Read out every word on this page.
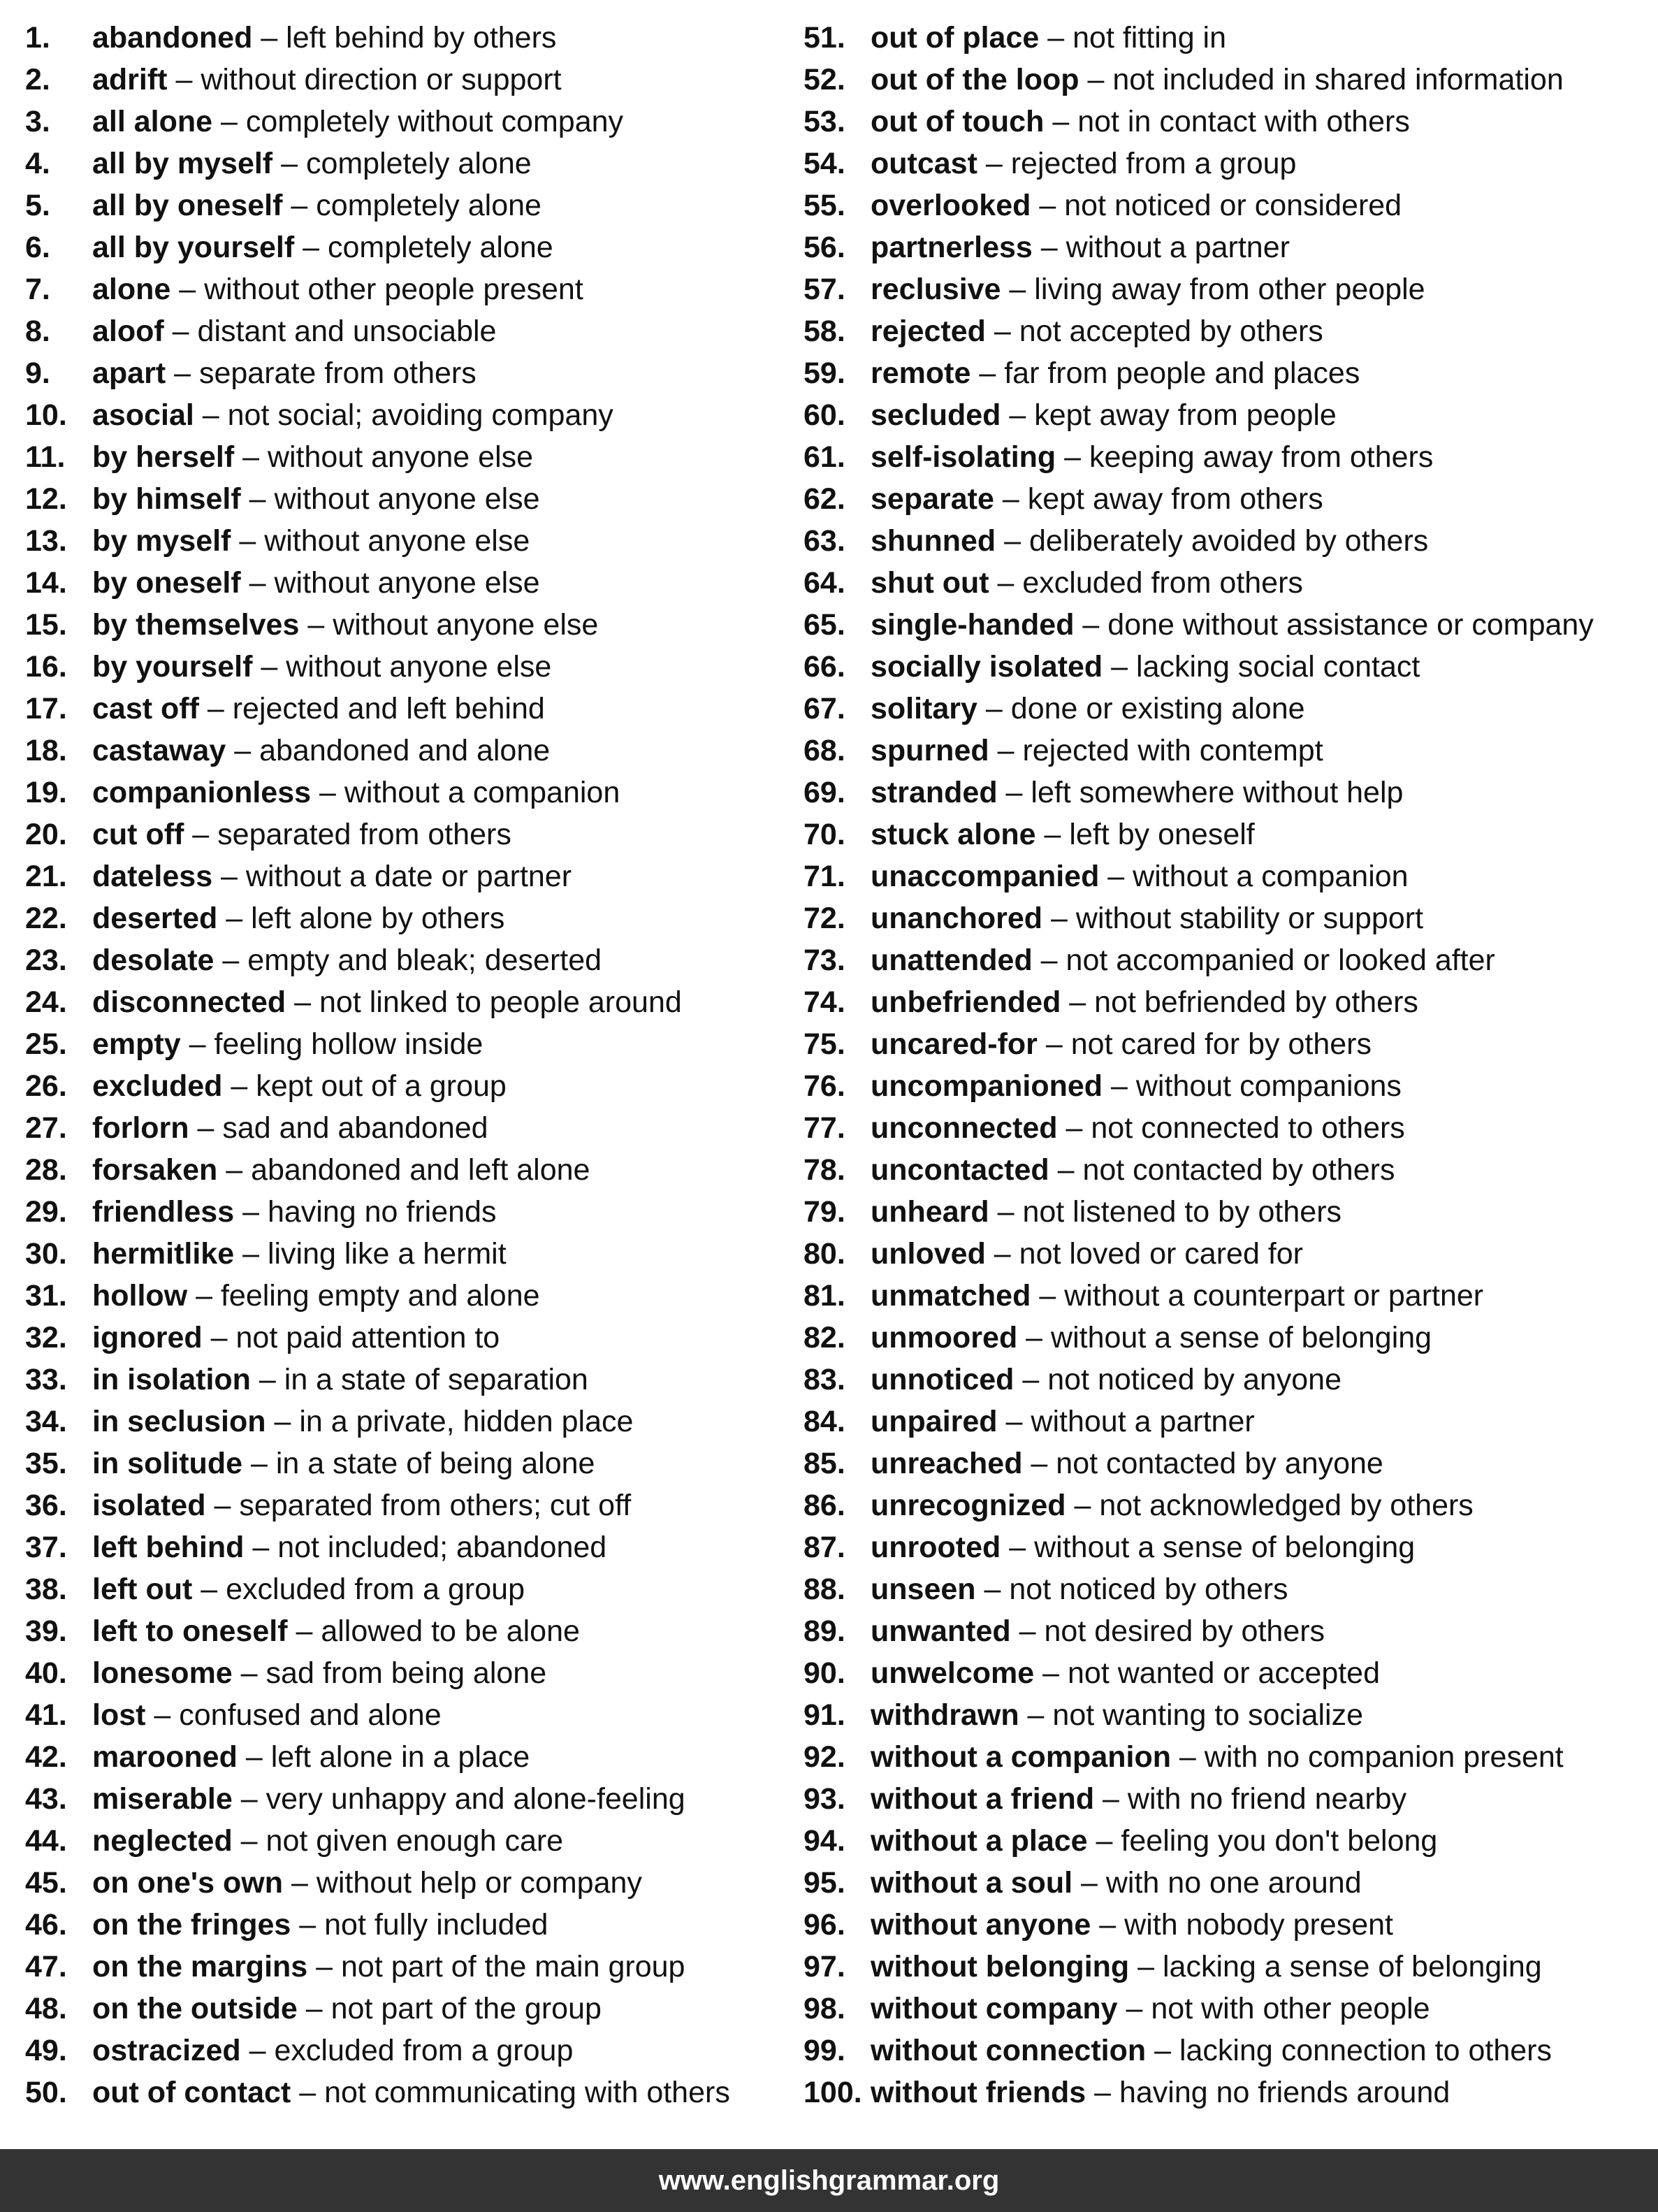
1. abandoned – left behind by others
2. adrift – without direction or support
3. all alone – completely without company
4. all by myself – completely alone
5. all by oneself – completely alone
6. all by yourself – completely alone
7. alone – without other people present
8. aloof – distant and unsociable
9. apart – separate from others
10. asocial – not social; avoiding company
11. by herself – without anyone else
12. by himself – without anyone else
13. by myself – without anyone else
14. by oneself – without anyone else
15. by themselves – without anyone else
16. by yourself – without anyone else
17. cast off – rejected and left behind
18. castaway – abandoned and alone
19. companionless – without a companion
20. cut off – separated from others
21. dateless – without a date or partner
22. deserted – left alone by others
23. desolate – empty and bleak; deserted
24. disconnected – not linked to people around
25. empty – feeling hollow inside
26. excluded – kept out of a group
27. forlorn – sad and abandoned
28. forsaken – abandoned and left alone
29. friendless – having no friends
30. hermitlike – living like a hermit
31. hollow – feeling empty and alone
32. ignored – not paid attention to
33. in isolation – in a state of separation
34. in seclusion – in a private, hidden place
35. in solitude – in a state of being alone
36. isolated – separated from others; cut off
37. left behind – not included; abandoned
38. left out – excluded from a group
39. left to oneself – allowed to be alone
40. lonesome – sad from being alone
41. lost – confused and alone
42. marooned – left alone in a place
43. miserable – very unhappy and alone-feeling
44. neglected – not given enough care
45. on one's own – without help or company
46. on the fringes – not fully included
47. on the margins – not part of the main group
48. on the outside – not part of the group
49. ostracized – excluded from a group
50. out of contact – not communicating with others
51. out of place – not fitting in
52. out of the loop – not included in shared information
53. out of touch – not in contact with others
54. outcast – rejected from a group
55. overlooked – not noticed or considered
56. partnerless – without a partner
57. reclusive – living away from other people
58. rejected – not accepted by others
59. remote – far from people and places
60. secluded – kept away from people
61. self-isolating – keeping away from others
62. separate – kept away from others
63. shunned – deliberately avoided by others
64. shut out – excluded from others
65. single-handed – done without assistance or company
66. socially isolated – lacking social contact
67. solitary – done or existing alone
68. spurned – rejected with contempt
69. stranded – left somewhere without help
70. stuck alone – left by oneself
71. unaccompanied – without a companion
72. unanchored – without stability or support
73. unattended – not accompanied or looked after
74. unbefriended – not befriended by others
75. uncared-for – not cared for by others
76. uncompanioned – without companions
77. unconnected – not connected to others
78. uncontacted – not contacted by others
79. unheard – not listened to by others
80. unloved – not loved or cared for
81. unmatched – without a counterpart or partner
82. unmoored – without a sense of belonging
83. unnoticed – not noticed by anyone
84. unpaired – without a partner
85. unreached – not contacted by anyone
86. unrecognized – not acknowledged by others
87. unrooted – without a sense of belonging
88. unseen – not noticed by others
89. unwanted – not desired by others
90. unwelcome – not wanted or accepted
91. withdrawn – not wanting to socialize
92. without a companion – with no companion present
93. without a friend – with no friend nearby
94. without a place – feeling you don't belong
95. without a soul – with no one around
96. without anyone – with nobody present
97. without belonging – lacking a sense of belonging
98. without company – not with other people
99. without connection – lacking connection to others
100. without friends – having no friends around
www.englishgrammar.org
